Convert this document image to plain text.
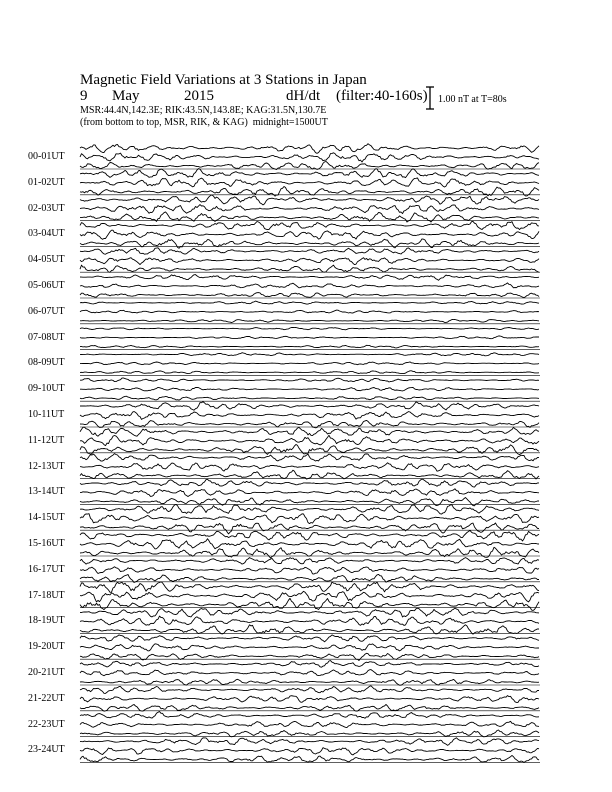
Magnetic Field Variations at 3 Stations in Japan
9 May	2015	dH/dt (filter:40-160s)
MSR:44.4N,142.3E; RIK:43.5N,143.8E; KAG:31.5N,130.7E
(from bottom to top, MSR, RIK, & KAG) midnight=1500UT
1.00 nT at T=80s
00-01UT
01-02UT
02-03UT
03-04UT
04-05UT
05-06UT
06-07UT
07-08UT
08-09UT
09-10UT
10-11UT
11-12UT
12-13UT
13-14UT
14-15UT
15-16UT
16-17UT
17-18UT
18-19UT
19-20UT
20-21UT
21-22UT
22-23UT
23-24UT
